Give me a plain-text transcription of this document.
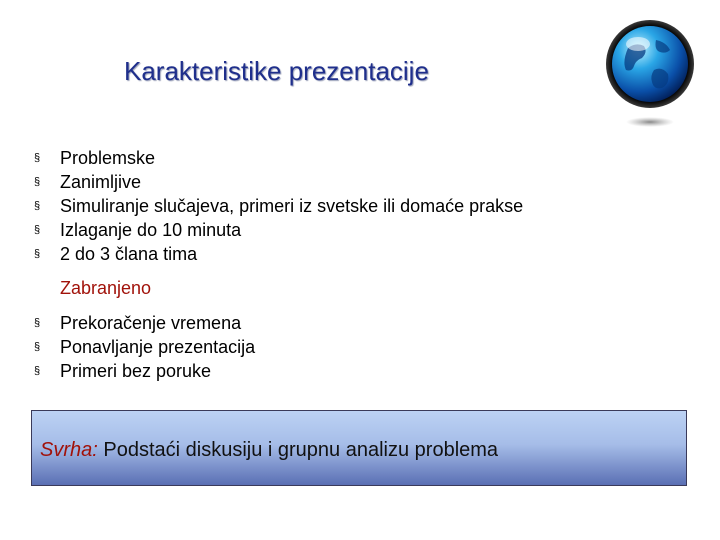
Karakteristike prezentacije
§	Problemske
§	Zanimljive
§	Simuliranje slučajeva, primeri iz svetske ili domaće prakse
§	Izlaganje do 10 minuta
§	2 do 3 člana tima
Zabranjeno
§	Prekoračenje vremena
§	Ponavljanje prezentacija
§	Primeri bez poruke
Svrha: Podstaći diskusiju i grupnu analizu problema
